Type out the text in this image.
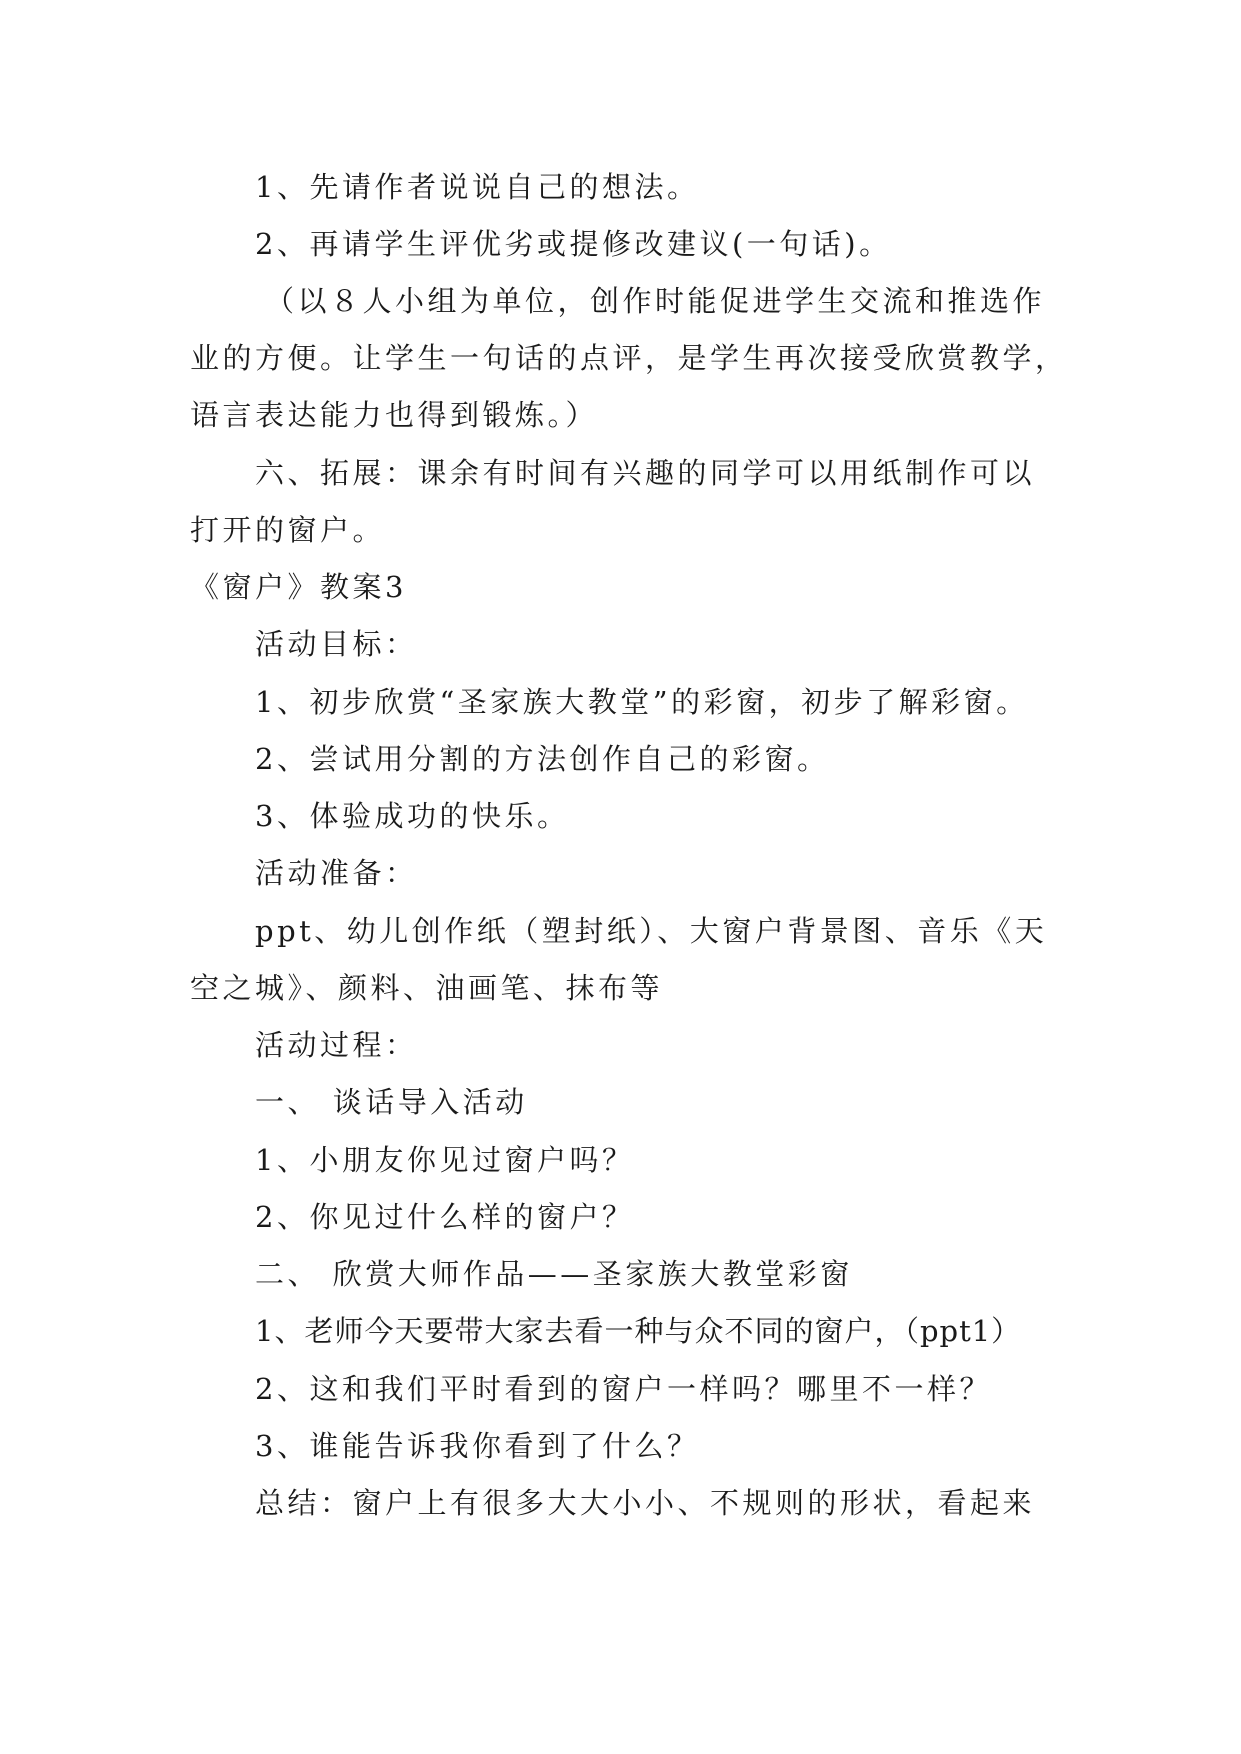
1、先请作者说说自己的想法。
2、再请学生评优劣或提修改建议(一句话)。
（以８人小组为单位，创作时能促进学生交流和推选作
业的方便。让学生一句话的点评，是学生再次接受欣赏教学，
语言表达能力也得到锻炼。）
六、拓展：课余有时间有兴趣的同学可以用纸制作可以
打开的窗户。
《窗户》教案3
活动目标：
1、初步欣赏“圣家族大教堂”的彩窗，初步了解彩窗。
2、尝试用分割的方法创作自己的彩窗。
3、体验成功的快乐。
活动准备：
ppt、幼儿创作纸（塑封纸）、大窗户背景图、音乐《天
空之城》、颜料、油画笔、抹布等
活动过程：
一、 谈话导入活动
1、小朋友你见过窗户吗？
2、你见过什么样的窗户？
二、 欣赏大师作品——圣家族大教堂彩窗
1、老师今天要带大家去看一种与众不同的窗户，（ppt1）
2、这和我们平时看到的窗户一样吗？哪里不一样？
3、谁能告诉我你看到了什么？
总结：窗户上有很多大大小小、不规则的形状，看起来
